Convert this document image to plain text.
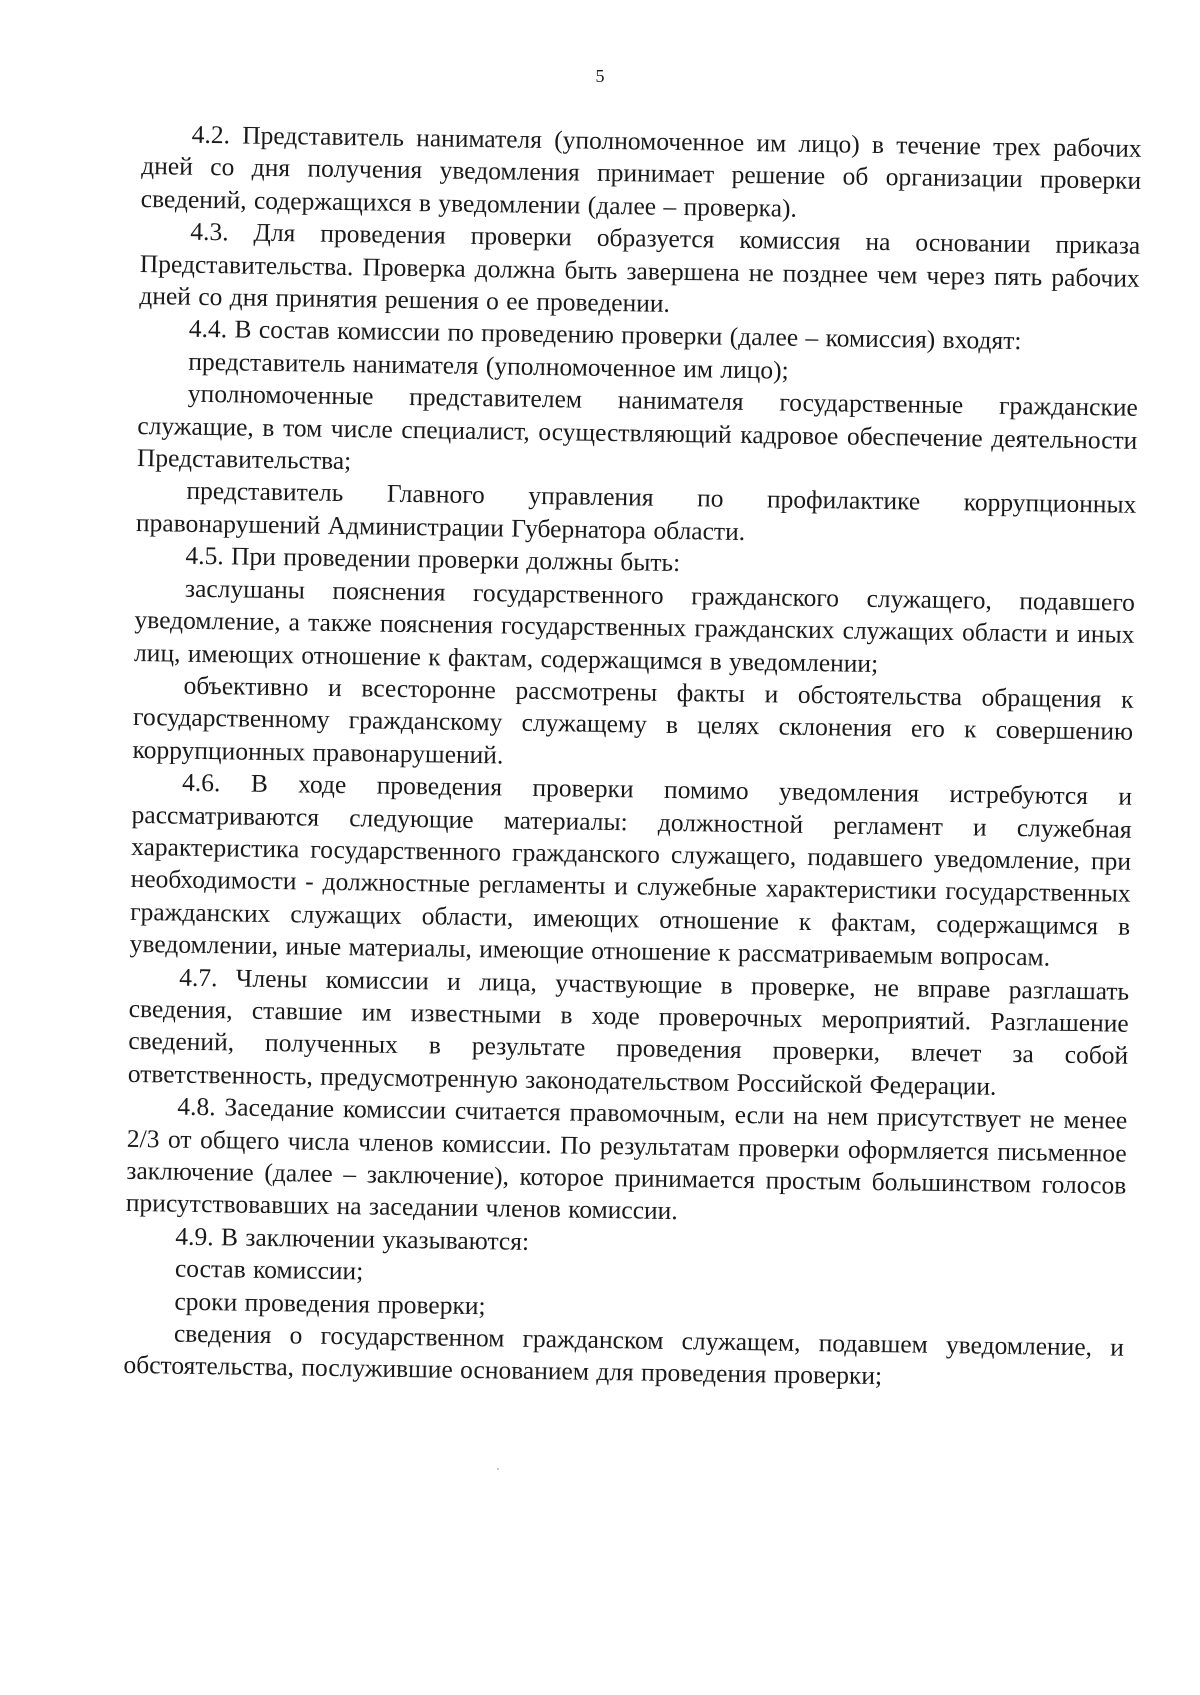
5

4.2. Представитель нанимателя (уполномоченное им лицо) в течение трех рабочих дней со дня получения уведомления принимает решение об организации проверки сведений, содержащихся в уведомлении (далее – проверка).

4.3. Для проведения проверки образуется комиссия на основании приказа Представительства. Проверка должна быть завершена не позднее чем через пять рабочих дней со дня принятия решения о ее проведении.

4.4. В состав комиссии по проведению проверки (далее – комиссия) входят:

представитель нанимателя (уполномоченное им лицо);

уполномоченные представителем нанимателя государственные гражданские служащие, в том числе специалист, осуществляющий кадровое обеспечение деятельности Представительства;

представитель Главного управления по профилактике коррупционных правонарушений Администрации Губернатора области.

4.5. При проведении проверки должны быть:

заслушаны пояснения государственного гражданского служащего, подавшего уведомление, а также пояснения государственных гражданских служащих области и иных лиц, имеющих отношение к фактам, содержащимся в уведомлении;

объективно и всесторонне рассмотрены факты и обстоятельства обращения к государственному гражданскому служащему в целях склонения его к совершению коррупционных правонарушений.

4.6. В ходе проведения проверки помимо уведомления истребуются и рассматриваются следующие материалы: должностной регламент и служебная характеристика государственного гражданского служащего, подавшего уведомление, при необходимости - должностные регламенты и служебные характеристики государственных гражданских служащих области, имеющих отношение к фактам, содержащимся в уведомлении, иные материалы, имеющие отношение к рассматриваемым вопросам.

4.7. Члены комиссии и лица, участвующие в проверке, не вправе разглашать сведения, ставшие им известными в ходе проверочных мероприятий. Разглашение сведений, полученных в результате проведения проверки, влечет за собой ответственность, предусмотренную законодательством Российской Федерации.

4.8. Заседание комиссии считается правомочным, если на нем присутствует не менее 2/3 от общего числа членов комиссии. По результатам проверки оформляется письменное заключение (далее – заключение), которое принимается простым большинством голосов присутствовавших на заседании членов комиссии.

4.9. В заключении указываются:

состав комиссии;

сроки проведения проверки;

сведения о государственном гражданском служащем, подавшем уведомление, и обстоятельства, послужившие основанием для проведения проверки;
